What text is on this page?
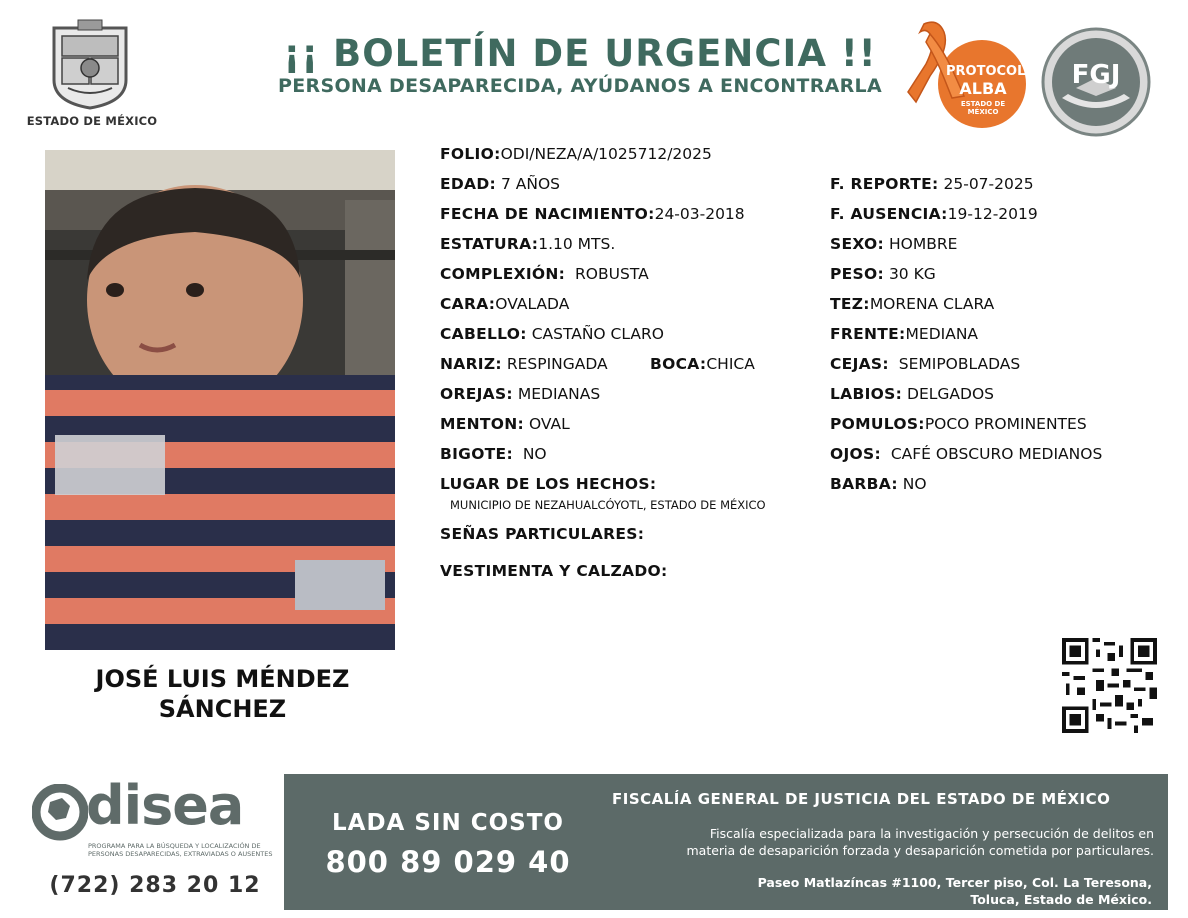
ESTADO DE MÉXICO
¡¡ BOLETÍN DE URGENCIA !!
PERSONA DESAPARECIDA, AYÚDANOS A ENCONTRARLA
PROTOCOLO
ALBA
ESTADO DE MÉXICO
FGJ
JOSÉ LUIS MÉNDEZ
SÁNCHEZ
FOLIO:ODI/NEZA/A/1025712/2025
EDAD: 7 AÑOS
FECHA DE NACIMIENTO:24-03-2018
ESTATURA:1.10 MTS.
COMPLEXIÓN: ROBUSTA
CARA:OVALADA
CABELLO: CASTAÑO CLARO
NARIZ: RESPINGADA	BOCA:CHICA
OREJAS: MEDIANAS
MENTON: OVAL
BIGOTE: NO
LUGAR DE LOS HECHOS:
MUNICIPIO DE NEZAHUALCÓYOTL, ESTADO DE MÉXICO
SEÑAS PARTICULARES:
VESTIMENTA Y CALZADO:
F. REPORTE: 25-07-2025
F. AUSENCIA:19-12-2019
SEXO: HOMBRE
PESO: 30 KG
TEZ:MORENA CLARA
FRENTE:MEDIANA
CEJAS: SEMIPOBLADAS
LABIOS: DELGADOS
POMULOS:POCO PROMINENTES
OJOS: CAFÉ OBSCURO MEDIANOS
BARBA: NO
disea
PROGRAMA PARA LA BÚSQUEDA Y LOCALIZACIÓN DE PERSONAS DESAPARECIDAS, EXTRAVIADAS O AUSENTES
(722) 283 20 12
LADA SIN COSTO
800 89 029 40
FISCALÍA GENERAL DE JUSTICIA DEL ESTADO DE MÉXICO
Fiscalía especializada para la investigación y persecución de delitos en
materia de desaparición forzada y desaparición cometida por particulares.
Paseo Matlazíncas #1100, Tercer piso, Col. La Teresona,
Toluca, Estado de México.
